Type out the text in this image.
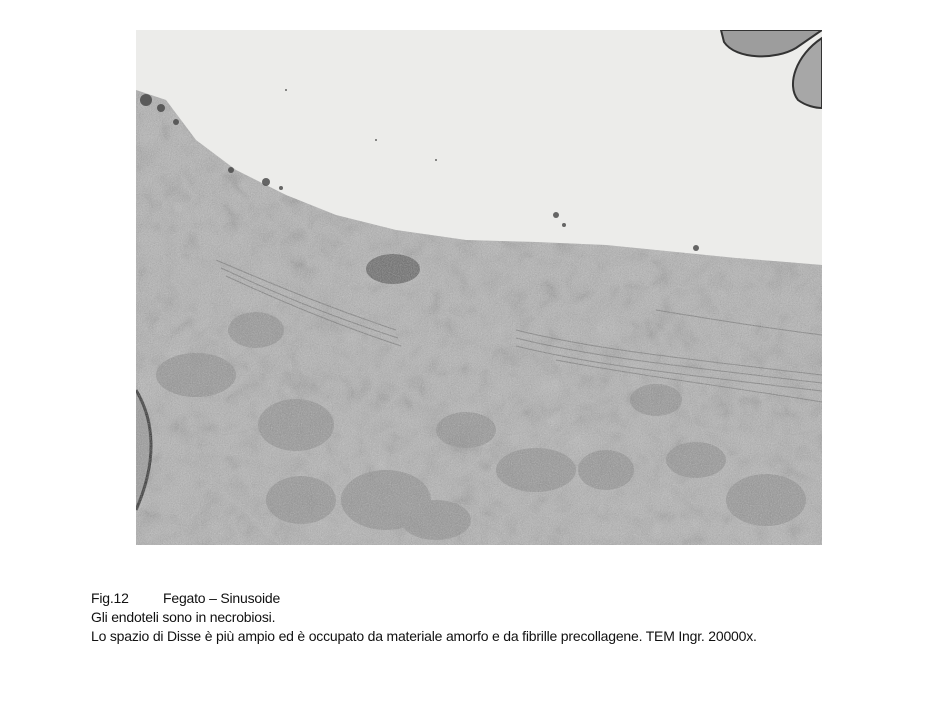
Fig.12 Fegato – Sinusoide
Gli endoteli sono in necrobiosi.
Lo spazio di Disse è più ampio ed è occupato da materiale amorfo e da fibrille precollagene. TEM Ingr. 20000x.
